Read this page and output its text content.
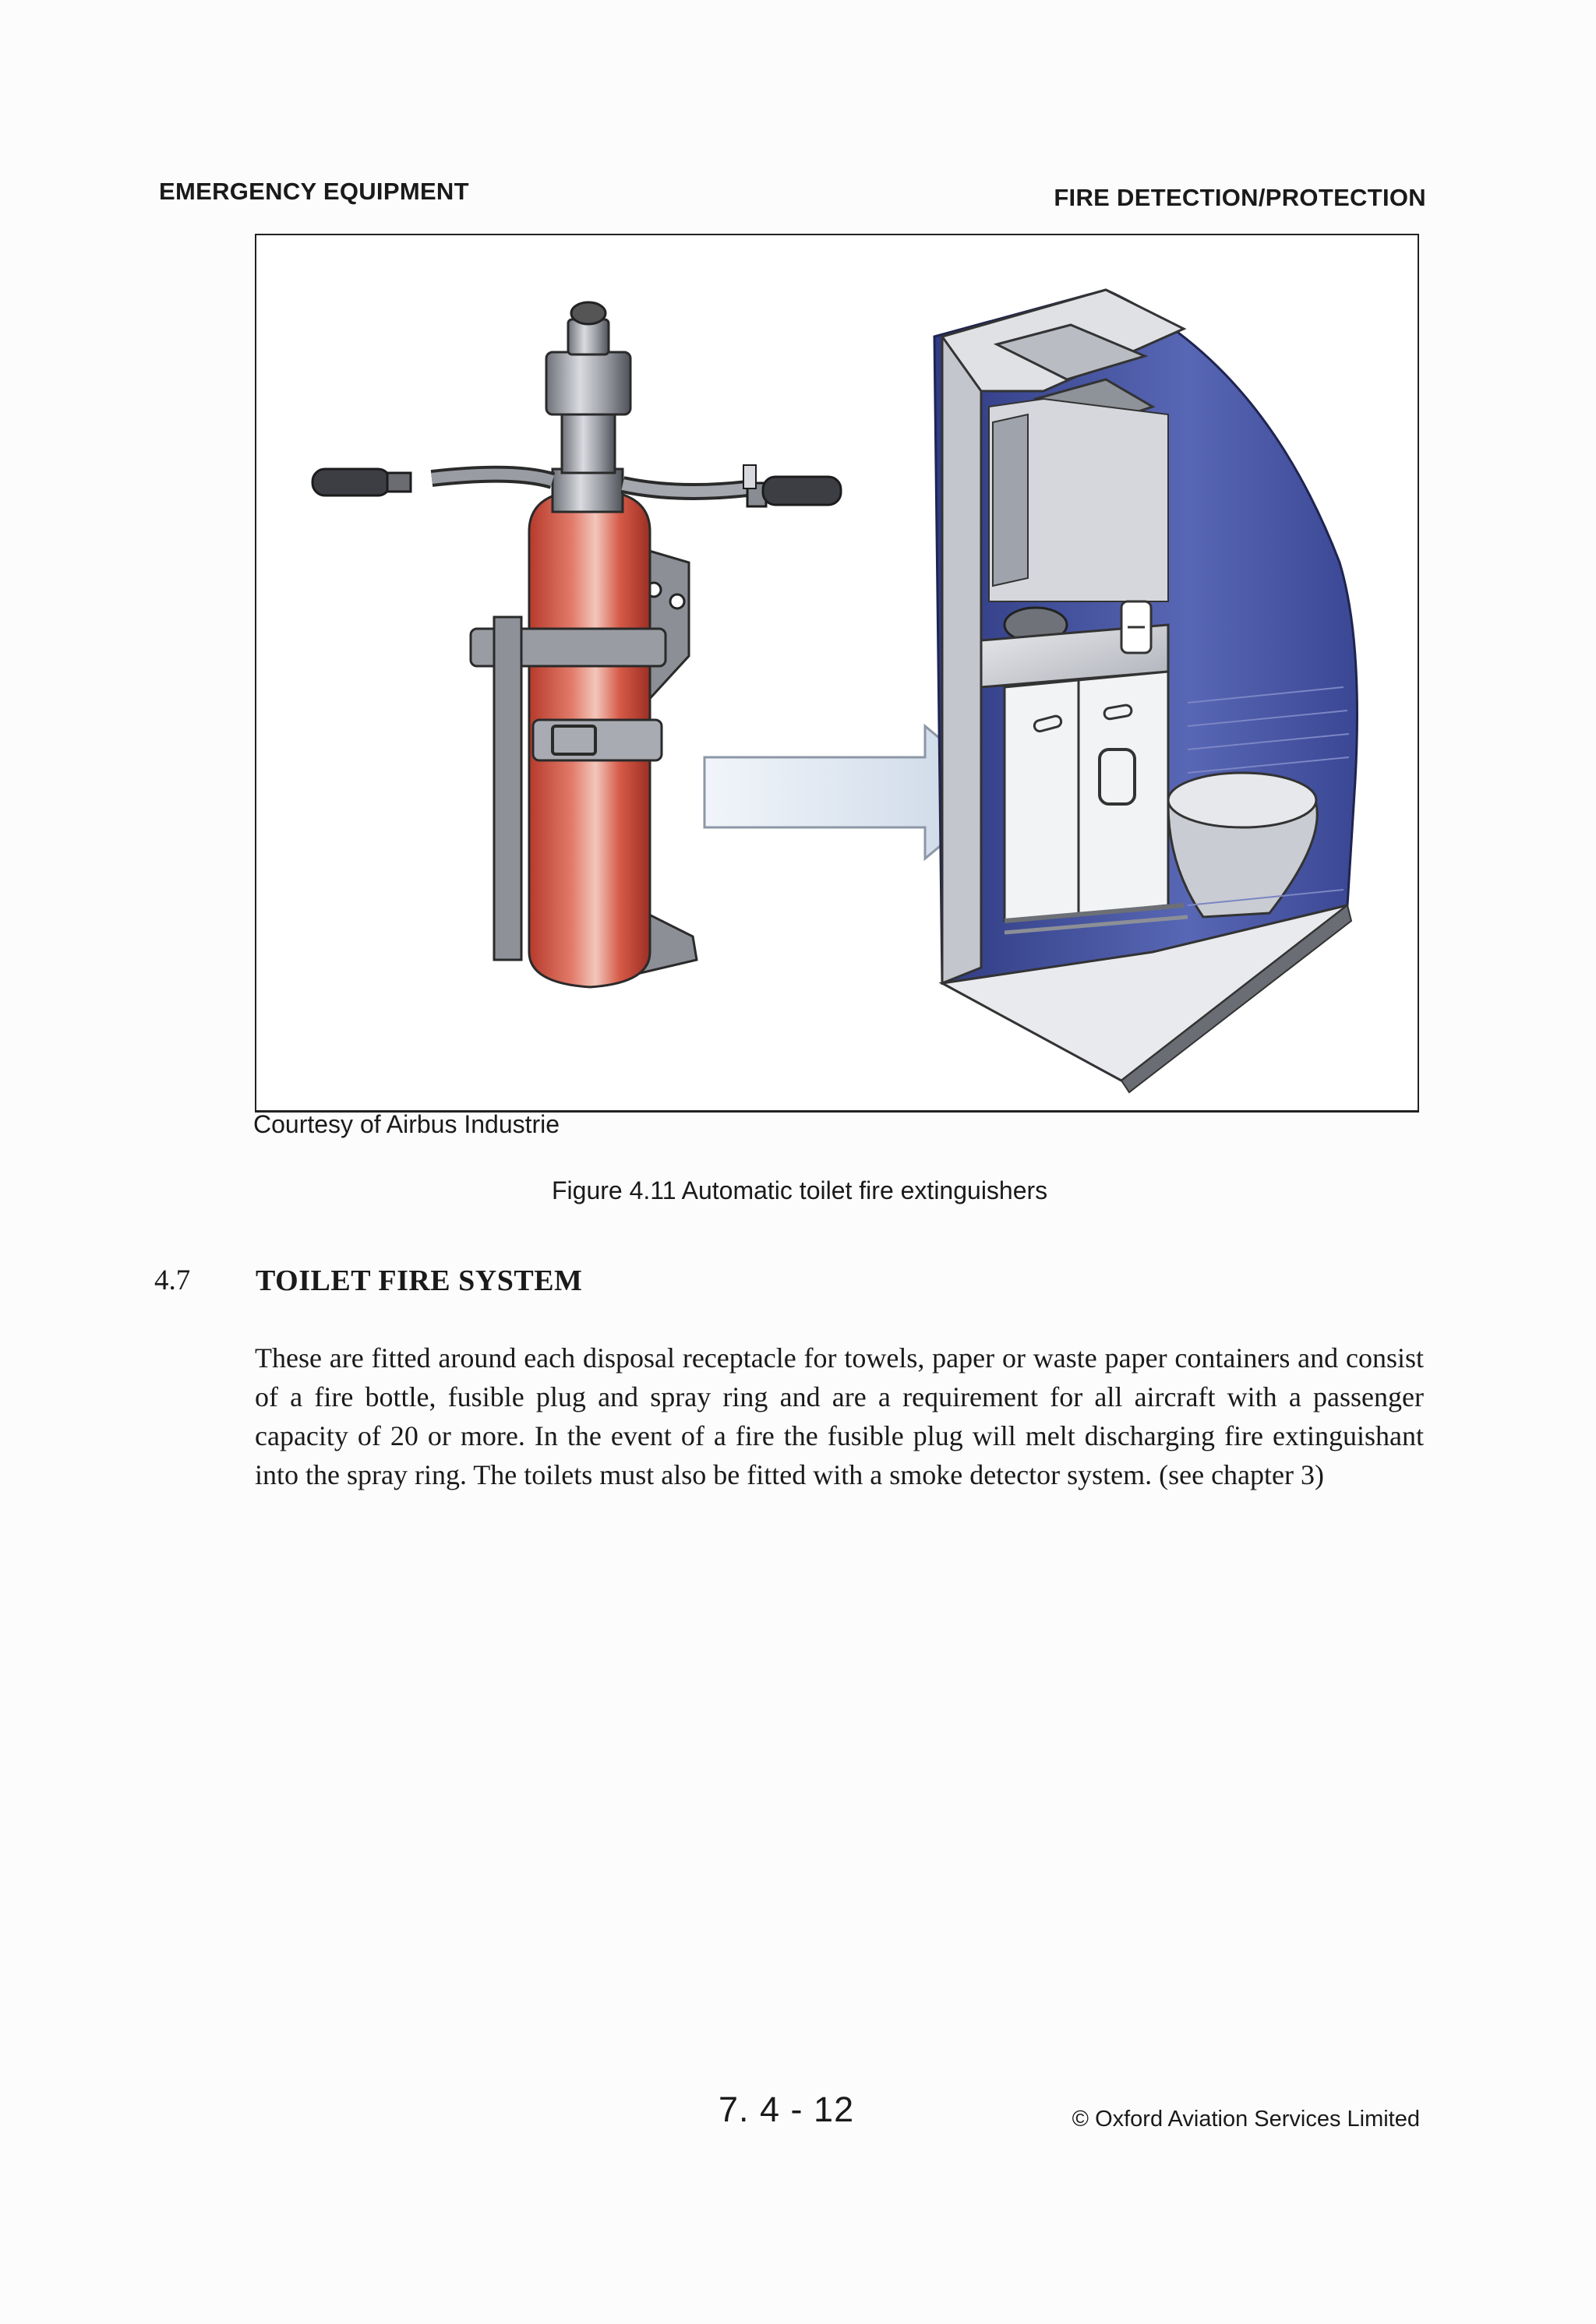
EMERGENCY EQUIPMENT	FIRE DETECTION/PROTECTION
Courtesy of Airbus Industrie
Figure 4.11 Automatic toilet fire extinguishers
4.7 TOILET FIRE SYSTEM
These are fitted around each disposal receptacle for towels, paper or waste paper containers and consist of a fire bottle, fusible plug and spray ring and are a requirement for all aircraft with a passenger capacity of 20 or more. In the event of a fire the fusible plug will melt discharging fire extinguishant into the spray ring. The toilets must also be fitted with a smoke detector system. (see chapter 3)
7. 4 - 12	© Oxford Aviation Services Limited
